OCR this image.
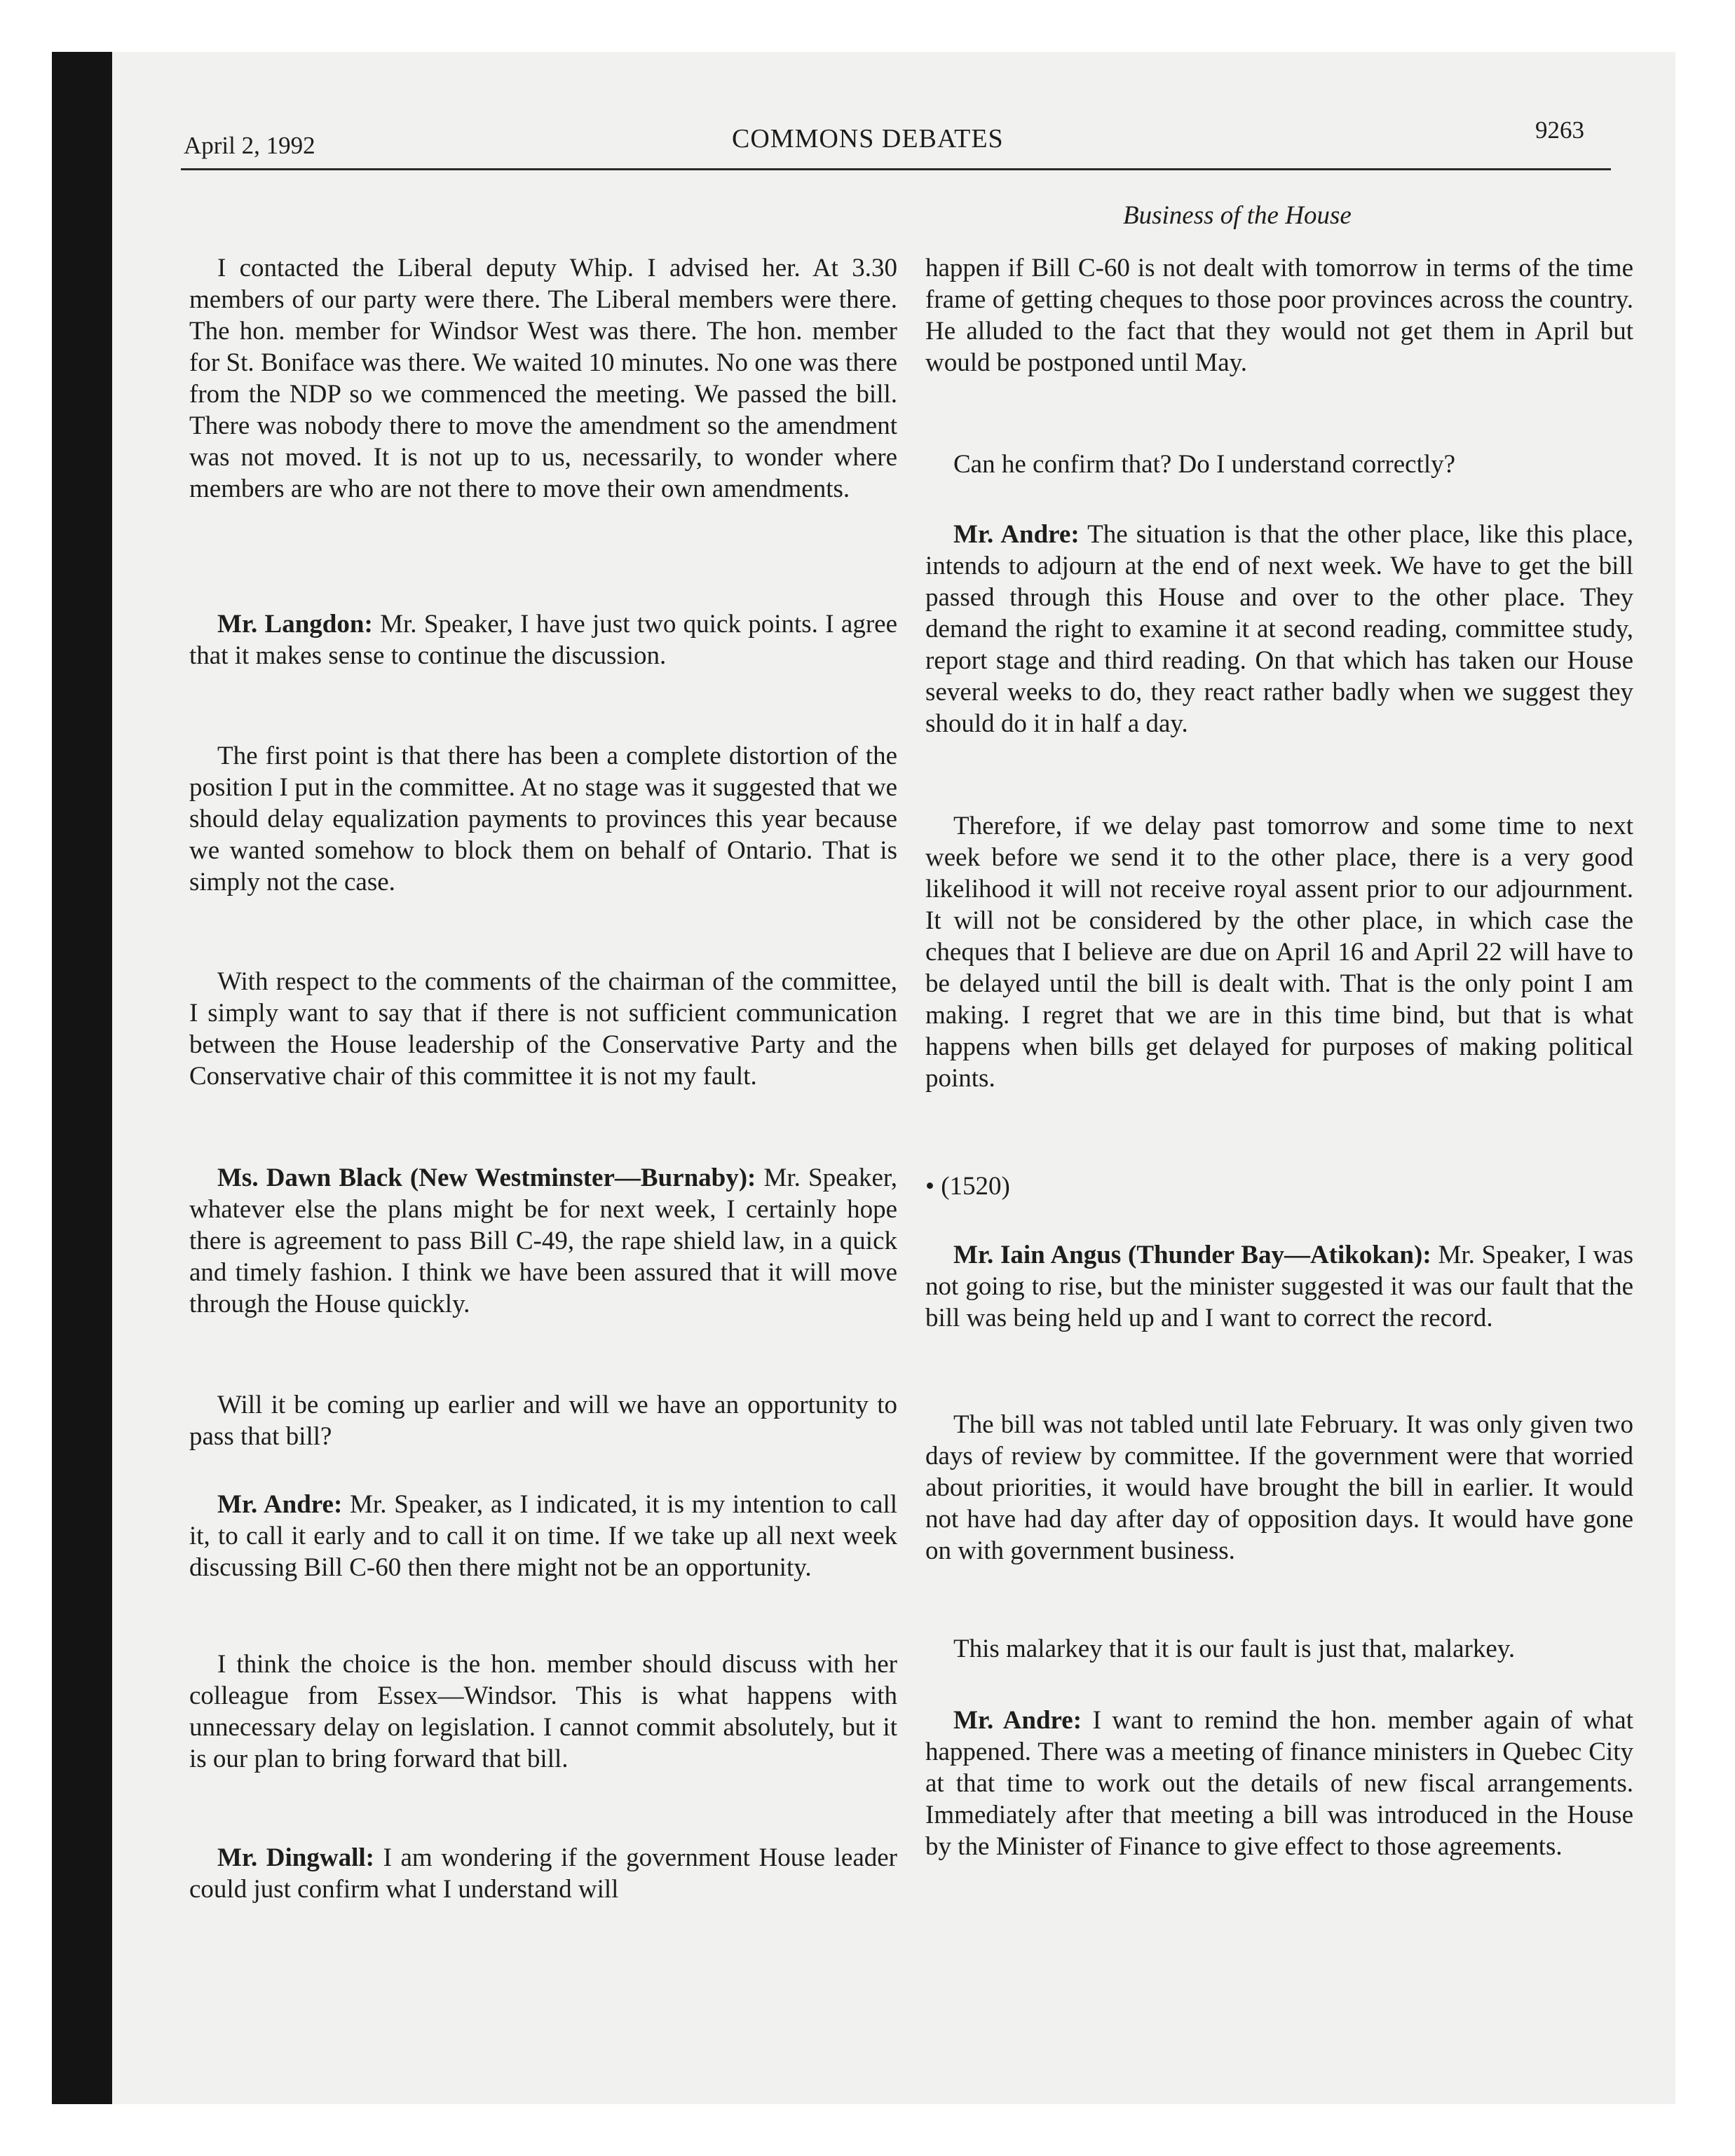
April 2, 1992	COMMONS DEBATES	9263
Business of the House

I contacted the Liberal deputy Whip. I advised her. At 3.30 members of our party were there. The Liberal members were there. The hon. member for Windsor West was there. The hon. member for St. Boniface was there. We waited 10 minutes. No one was there from the NDP so we commenced the meeting. We passed the bill. There was nobody there to move the amendment so the amendment was not moved. It is not up to us, necessarily, to wonder where members are who are not there to move their own amendments.

Mr. Langdon: Mr. Speaker, I have just two quick points. I agree that it makes sense to continue the discussion.

The first point is that there has been a complete distortion of the position I put in the committee. At no stage was it suggested that we should delay equalization payments to provinces this year because we wanted somehow to block them on behalf of Ontario. That is simply not the case.

With respect to the comments of the chairman of the committee, I simply want to say that if there is not sufficient communication between the House leadership of the Conservative Party and the Conservative chair of this committee it is not my fault.

Ms. Dawn Black (New Westminster—Burnaby): Mr. Speaker, whatever else the plans might be for next week, I certainly hope there is agreement to pass Bill C-49, the rape shield law, in a quick and timely fashion. I think we have been assured that it will move through the House quickly.

Will it be coming up earlier and will we have an opportunity to pass that bill?

Mr. Andre: Mr. Speaker, as I indicated, it is my intention to call it, to call it early and to call it on time. If we take up all next week discussing Bill C-60 then there might not be an opportunity.

I think the choice is the hon. member should discuss with her colleague from Essex—Windsor. This is what happens with unnecessary delay on legislation. I cannot commit absolutely, but it is our plan to bring forward that bill.

Mr. Dingwall: I am wondering if the government House leader could just confirm what I understand will

happen if Bill C-60 is not dealt with tomorrow in terms of the time frame of getting cheques to those poor provinces across the country. He alluded to the fact that they would not get them in April but would be postponed until May.

Can he confirm that? Do I understand correctly?

Mr. Andre: The situation is that the other place, like this place, intends to adjourn at the end of next week. We have to get the bill passed through this House and over to the other place. They demand the right to examine it at second reading, committee study, report stage and third reading. On that which has taken our House several weeks to do, they react rather badly when we suggest they should do it in half a day.

Therefore, if we delay past tomorrow and some time to next week before we send it to the other place, there is a very good likelihood it will not receive royal assent prior to our adjournment. It will not be considered by the other place, in which case the cheques that I believe are due on April 16 and April 22 will have to be delayed until the bill is dealt with. That is the only point I am making. I regret that we are in this time bind, but that is what happens when bills get delayed for purposes of making political points.

• (1520)

Mr. Iain Angus (Thunder Bay—Atikokan): Mr. Speaker, I was not going to rise, but the minister suggested it was our fault that the bill was being held up and I want to correct the record.

The bill was not tabled until late February. It was only given two days of review by committee. If the government were that worried about priorities, it would have brought the bill in earlier. It would not have had day after day of opposition days. It would have gone on with government business.

This malarkey that it is our fault is just that, malarkey.

Mr. Andre: I want to remind the hon. member again of what happened. There was a meeting of finance ministers in Quebec City at that time to work out the details of new fiscal arrangements. Immediately after that meeting a bill was introduced in the House by the Minister of Finance to give effect to those agreements.
